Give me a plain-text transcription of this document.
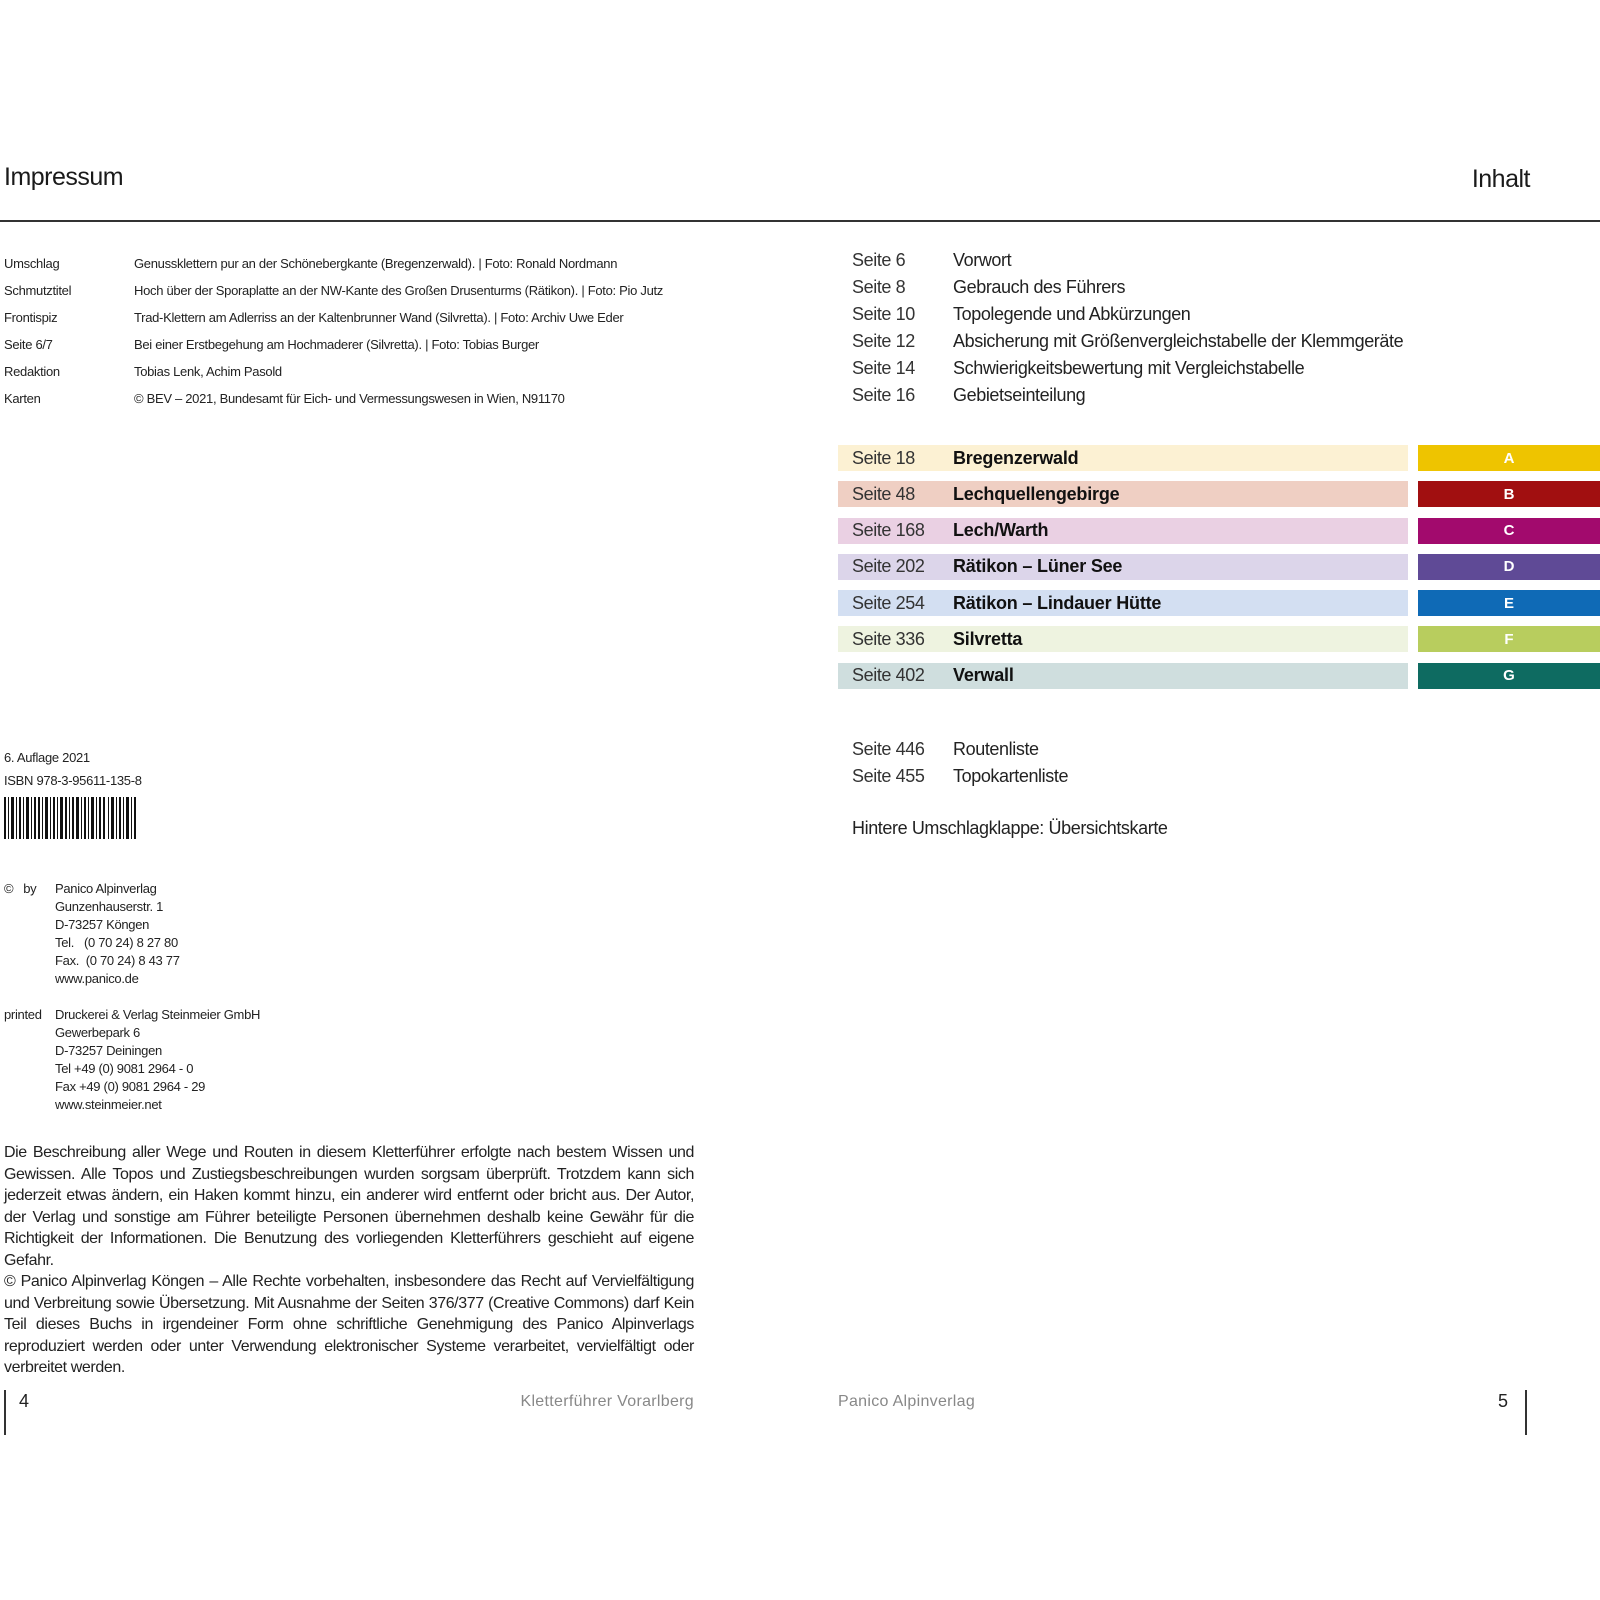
Impressum	Inhalt
Umschlag	Genussklettern pur an der Schönebergkante (Bregenzerwald). | Foto: Ronald Nordmann
Schmutztitel	Hoch über der Sporaplatte an der NW-Kante des Großen Drusenturms (Rätikon). | Foto: Pio Jutz
Frontispiz	Trad-Klettern am Adlerriss an der Kaltenbrunner Wand (Silvretta). | Foto: Archiv Uwe Eder
Seite 6/7	Bei einer Erstbegehung am Hochmaderer (Silvretta). | Foto: Tobias Burger
Redaktion	Tobias Lenk, Achim Pasold
Karten	© BEV – 2021, Bundesamt für Eich- und Vermessungswesen in Wien, N91170
Seite 6	Vorwort
Seite 8	Gebrauch des Führers
Seite 10	Topolegende und Abkürzungen
Seite 12	Absicherung mit Größenvergleichstabelle der Klemmgeräte
Seite 14	Schwierigkeitsbewertung mit Vergleichstabelle
Seite 16	Gebietseinteilung
Seite 18	Bregenzerwald	A
Seite 48	Lechquellengebirge	B
Seite 168	Lech/Warth	C
Seite 202	Rätikon – Lüner See	D
Seite 254	Rätikon – Lindauer Hütte	E
Seite 336	Silvretta	F
Seite 402	Verwall	G
Seite 446	Routenliste
Seite 455	Topokartenliste
Hintere Umschlagklappe: Übersichtskarte
6. Auflage 2021
ISBN 978-3-95611-135-8
©   by	Panico Alpinverlag
Gunzenhauserstr. 1
D-73257 Köngen
Tel.   (0 70 24) 8 27 80
Fax.  (0 70 24) 8 43 77
www.panico.de
printed Druckerei & Verlag Steinmeier GmbH
Gewerbepark 6
D-73257 Deiningen
Tel +49 (0) 9081 2964 - 0
Fax +49 (0) 9081 2964 - 29
www.steinmeier.net
Die Beschreibung aller Wege und Routen in diesem Kletterführer erfolgte nach bestem Wissen und Gewissen. Alle Topos und Zustiegsbeschreibungen wurden sorgsam überprüft. Trotzdem kann sich jederzeit etwas ändern, ein Haken kommt hinzu, ein anderer wird entfernt oder bricht aus. Der Autor, der Verlag und sonstige am Führer beteiligte Personen übernehmen deshalb keine Gewähr für die Richtigkeit der Informationen. Die Benutzung des vorliegenden Kletterführers geschieht auf eigene Gefahr.
© Panico Alpinverlag Köngen – Alle Rechte vorbehalten, insbesondere das Recht auf Vervielfältigung und Verbreitung sowie Übersetzung. Mit Ausnahme der Seiten 376/377 (Creative Commons) darf Kein Teil dieses Buchs in irgendeiner Form ohne schriftliche Genehmigung des Panico Alpinverlags reproduziert werden oder unter Verwendung elektronischer Systeme verarbeitet, vervielfältigt oder verbreitet werden.
4	Kletterführer Vorarlberg	Panico Alpinverlag	5
